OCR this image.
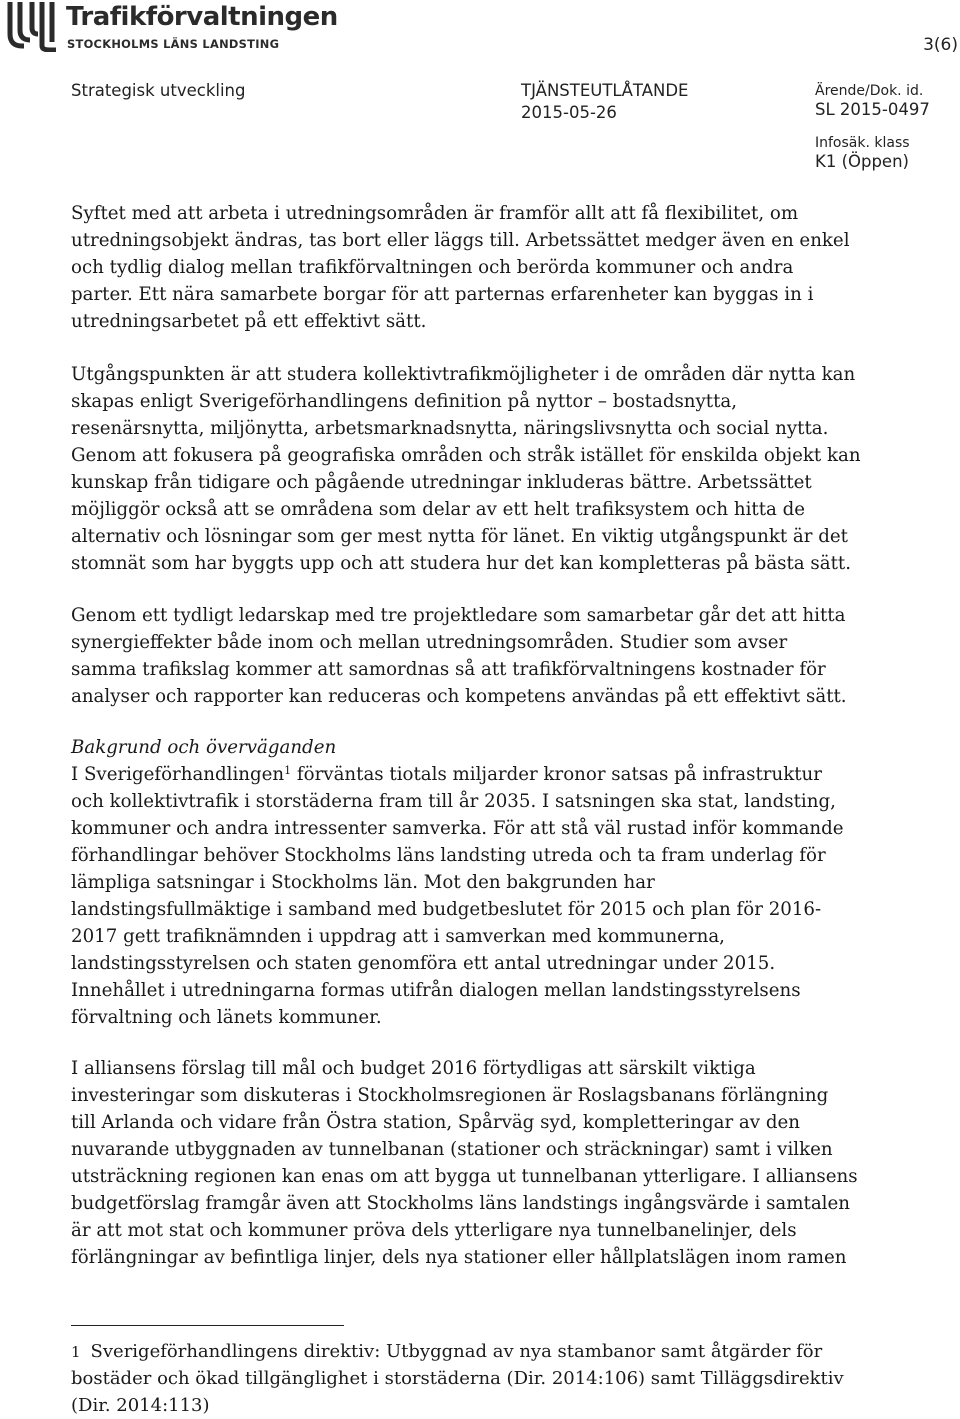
Trafikförvaltningen
STOCKHOLMS LÄNS LANDSTING	3(6)
Strategisk utveckling	TJÄNSTEUTLÅTANDE
2015-05-26
Ärende/Dok. id.
SL 2015-0497
Infosäk. klass
K1 (Öppen)

Syftet med att arbeta i utredningsområden är framför allt att få flexibilitet, om
utredningsobjekt ändras, tas bort eller läggs till. Arbetssättet medger även en enkel
och tydlig dialog mellan trafikförvaltningen och berörda kommuner och andra
parter. Ett nära samarbete borgar för att parternas erfarenheter kan byggas in i
utredningsarbetet på ett effektivt sätt.

Utgångspunkten är att studera kollektivtrafikmöjligheter i de områden där nytta kan
skapas enligt Sverigeförhandlingens definition på nyttor – bostadsnytta,
resenärsnytta, miljönytta, arbetsmarknadsnytta, näringslivsnytta och social nytta.
Genom att fokusera på geografiska områden och stråk istället för enskilda objekt kan
kunskap från tidigare och pågående utredningar inkluderas bättre. Arbetssättet
möjliggör också att se områdena som delar av ett helt trafiksystem och hitta de
alternativ och lösningar som ger mest nytta för länet. En viktig utgångspunkt är det
stomnät som har byggts upp och att studera hur det kan kompletteras på bästa sätt.

Genom ett tydligt ledarskap med tre projektledare som samarbetar går det att hitta
synergieffekter både inom och mellan utredningsområden. Studier som avser
samma trafikslag kommer att samordnas så att trafikförvaltningens kostnader för
analyser och rapporter kan reduceras och kompetens användas på ett effektivt sätt.

Bakgrund och överväganden
I Sverigeförhandlingen$^1$ förväntas tiotals miljarder kronor satsas på infrastruktur
och kollektivtrafik i storstäderna fram till år 2035. I satsningen ska stat, landsting,
kommuner och andra intressenter samverka. För att stå väl rustad inför kommande
förhandlingar behöver Stockholms läns landsting utreda och ta fram underlag för
lämpliga satsningar i Stockholms län. Mot den bakgrunden har
landstingsfullmäktige i samband med budgetbeslutet för 2015 och plan för 2016-
2017 gett trafiknämnden i uppdrag att i samverkan med kommunerna,
landstingsstyrelsen och staten genomföra ett antal utredningar under 2015.
Innehållet i utredningarna formas utifrån dialogen mellan landstingsstyrelsens
förvaltning och länets kommuner.

I alliansens förslag till mål och budget 2016 förtydligas att särskilt viktiga
investeringar som diskuteras i Stockholmsregionen är Roslagsbanans förlängning
till Arlanda och vidare från Östra station, Spårväg syd, kompletteringar av den
nuvarande utbyggnaden av tunnelbanan (stationer och sträckningar) samt i vilken
utsträckning regionen kan enas om att bygga ut tunnelbanan ytterligare. I alliansens
budgetförslag framgår även att Stockholms läns landstings ingångsvärde i samtalen
är att mot stat och kommuner pröva dels ytterligare nya tunnelbanelinjer, dels
förlängningar av befintliga linjer, dels nya stationer eller hållplatslägen inom ramen

1 Sverigeförhandlingens direktiv: Utbyggnad av nya stambanor samt åtgärder för
bostäder och ökad tillgänglighet i storstäderna (Dir. 2014:106) samt Tilläggsdirektiv
(Dir. 2014:113)
